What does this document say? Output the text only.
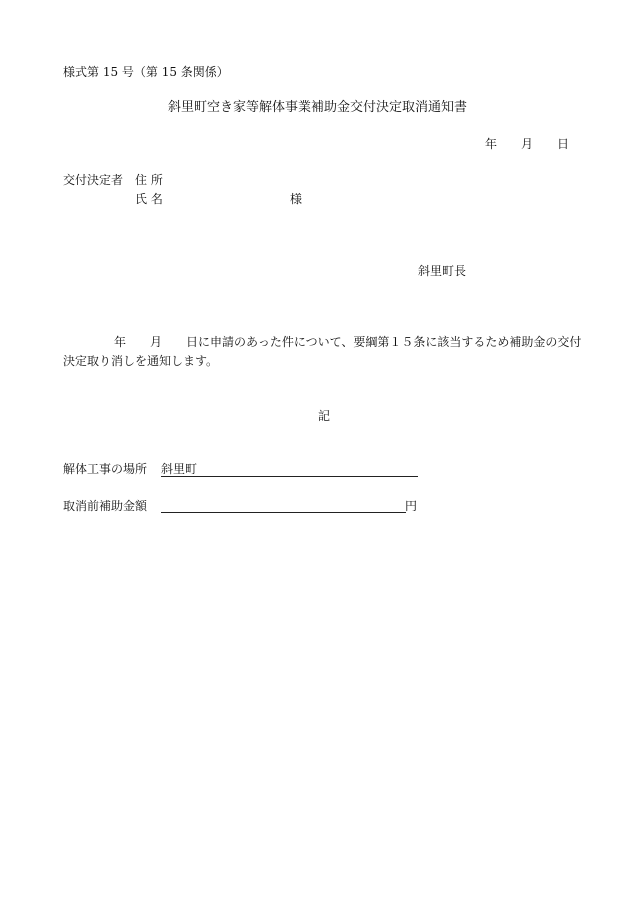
様式第 15 号（第 15 条関係）
斜里町空き家等解体事業補助金交付決定取消通知書
年 月 日
交付決定者 住 所
氏 名	様
斜里町長
年 月 日に申請のあった件について、要綱第１５条に該当するため補助金の交付
決定取り消しを通知します。
記
解体工事の場所 斜里町
取消前補助金額	円
